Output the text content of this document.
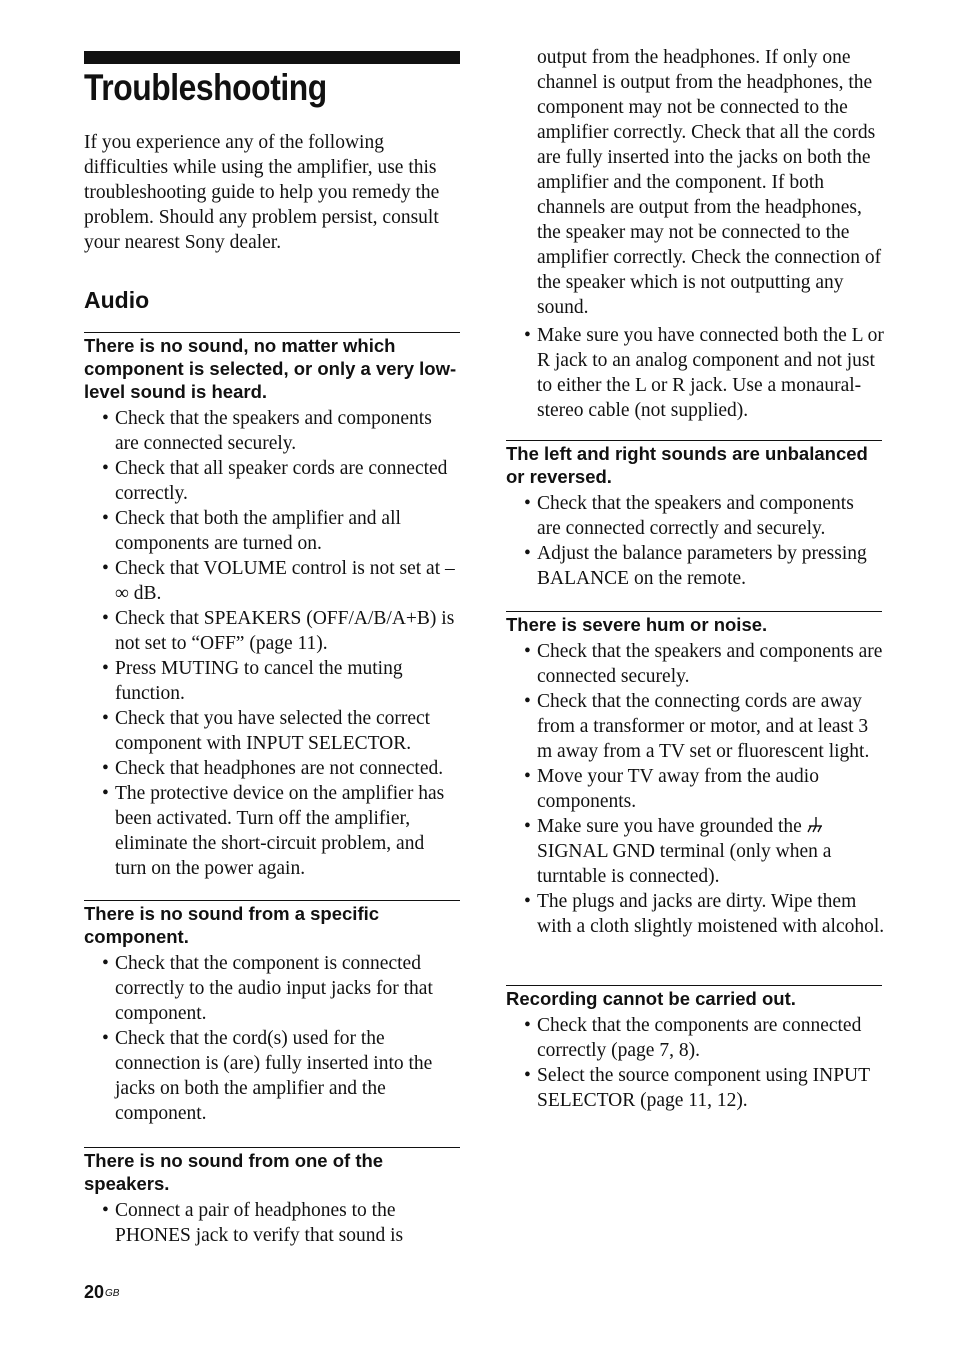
Troubleshooting

If you experience any of the following difficulties while using the amplifier, use this troubleshooting guide to help you remedy the problem. Should any problem persist, consult your nearest Sony dealer.

Audio
There is no sound, no matter which component is selected, or only a very low-level sound is heard.
• Check that the speakers and components are connected securely.
• Check that all speaker cords are connected correctly.
• Check that both the amplifier and all components are turned on.
• Check that VOLUME control is not set at –∞ dB.
• Check that SPEAKERS (OFF/A/B/A+B) is not set to “OFF” (page 11).
• Press MUTING to cancel the muting function.
• Check that you have selected the correct component with INPUT SELECTOR.
• Check that headphones are not connected.
• The protective device on the amplifier has been activated. Turn off the amplifier, eliminate the short-circuit problem, and turn on the power again.
There is no sound from a specific component.
• Check that the component is connected correctly to the audio input jacks for that component.
• Check that the cord(s) used for the connection is (are) fully inserted into the jacks on both the amplifier and the component.
There is no sound from one of the speakers.
• Connect a pair of headphones to the PHONES jack to verify that sound is

output from the headphones. If only one channel is output from the headphones, the component may not be connected to the amplifier correctly. Check that all the cords are fully inserted into the jacks on both the amplifier and the component. If both channels are output from the headphones, the speaker may not be connected to the amplifier correctly. Check the connection of the speaker which is not outputting any sound.

• Make sure you have connected both the L or R jack to an analog component and not just to either the L or R jack. Use a monaural-stereo cable (not supplied).
The left and right sounds are unbalanced or reversed.
• Check that the speakers and components are connected correctly and securely.
• Adjust the balance parameters by pressing BALANCE on the remote.
There is severe hum or noise.
• Check that the speakers and components are connected securely.
• Check that the connecting cords are away from a transformer or motor, and at least 3 m away from a TV set or fluorescent light.
• Move your TV away from the audio components.
• Make sure you have grounded the
SIGNAL GND terminal (only when a turntable is connected).
• The plugs and jacks are dirty. Wipe them with a cloth slightly moistened with alcohol.
Recording cannot be carried out.
• Check that the components are connected correctly (page 7, 8).
• Select the source component using INPUT SELECTOR (page 11, 12).
$20^{GB}$
